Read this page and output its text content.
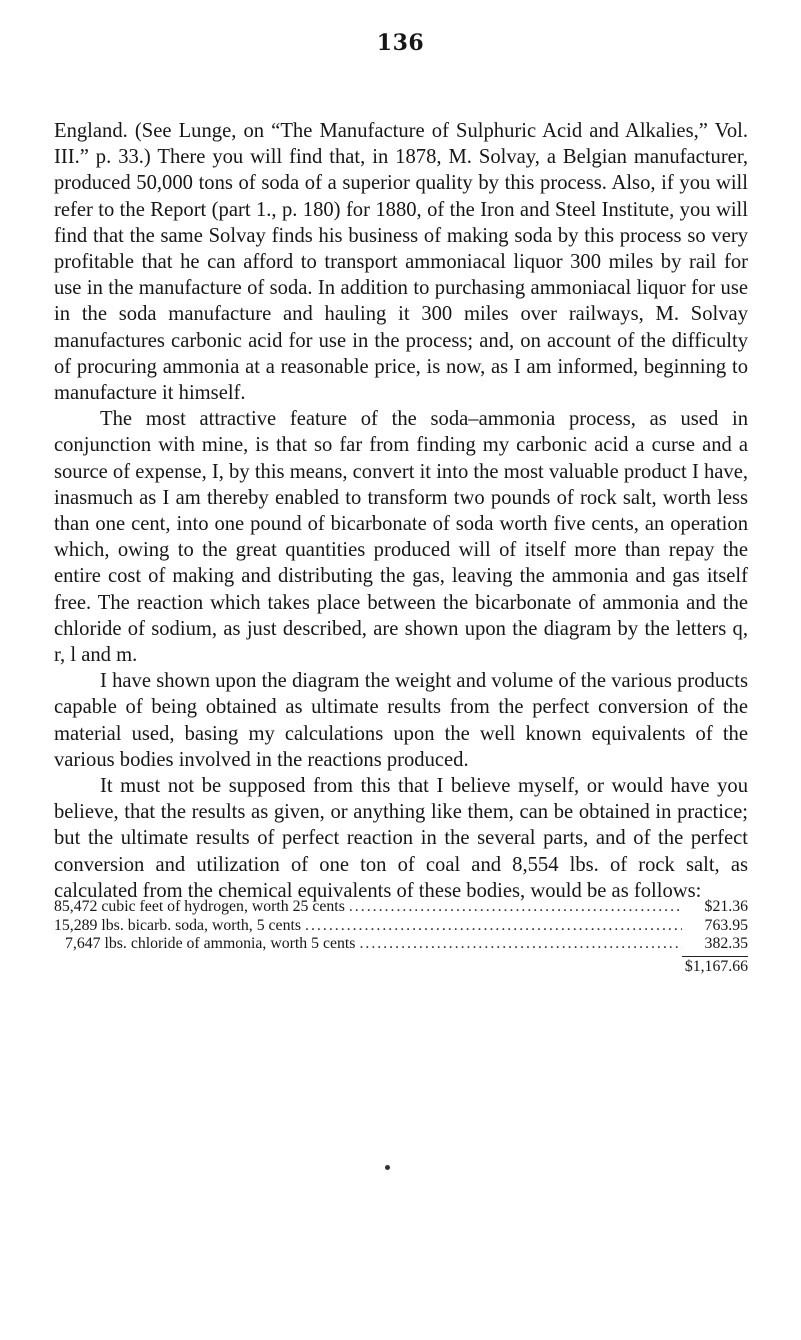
136

England. (See Lunge, on “The Manufacture of Sulphuric Acid and Alkalies,” Vol. III.” p. 33.) There you will find that, in 1878, M. Solvay, a Belgian manufacturer, produced 50,000 tons of soda of a superior quality by this process. Also, if you will refer to the Report (part 1., p. 180) for 1880, of the Iron and Steel Institute, you will find that the same Solvay finds his business of making soda by this process so very profitable that he can afford to transport ammoniacal liquor 300 miles by rail for use in the manufacture of soda. In addition to purchasing ammoniacal liquor for use in the soda manufacture and hauling it 300 miles over railways, M. Solvay manufactures carbonic acid for use in the process; and, on account of the difficulty of procuring ammonia at a reasonable price, is now, as I am informed, beginning to manufacture it himself.

The most attractive feature of the soda–ammonia process, as used in conjunction with mine, is that so far from finding my carbonic acid a curse and a source of expense, I, by this means, convert it into the most valuable product I have, inasmuch as I am thereby enabled to transform two pounds of rock salt, worth less than one cent, into one pound of bicarbonate of soda worth five cents, an operation which, owing to the great quantities produced will of itself more than repay the entire cost of making and distributing the gas, leaving the ammonia and gas itself free. The reaction which takes place between the bicarbonate of ammonia and the chloride of sodium, as just described, are shown upon the diagram by the letters q, r, l and m.

I have shown upon the diagram the weight and volume of the various products capable of being obtained as ultimate results from the perfect conversion of the material used, basing my calculations upon the well known equivalents of the various bodies involved in the reactions produced.

It must not be supposed from this that I believe myself, or would have you believe, that the results as given, or anything like them, can be obtained in practice; but the ultimate results of perfect reaction in the several parts, and of the perfect conversion and utilization of one ton of coal and 8,554 lbs. of rock salt, as calculated from the chemical equivalents of these bodies, would be as follows:

85,472 cubic feet of hydrogen, worth 25 cents .....	$21.36
15,289 lbs. bicarb. soda, worth, 5 cents .....	763.95
7,647 lbs. chloride of ammonia, worth 5 cents .....	382.35
$1,167.66
